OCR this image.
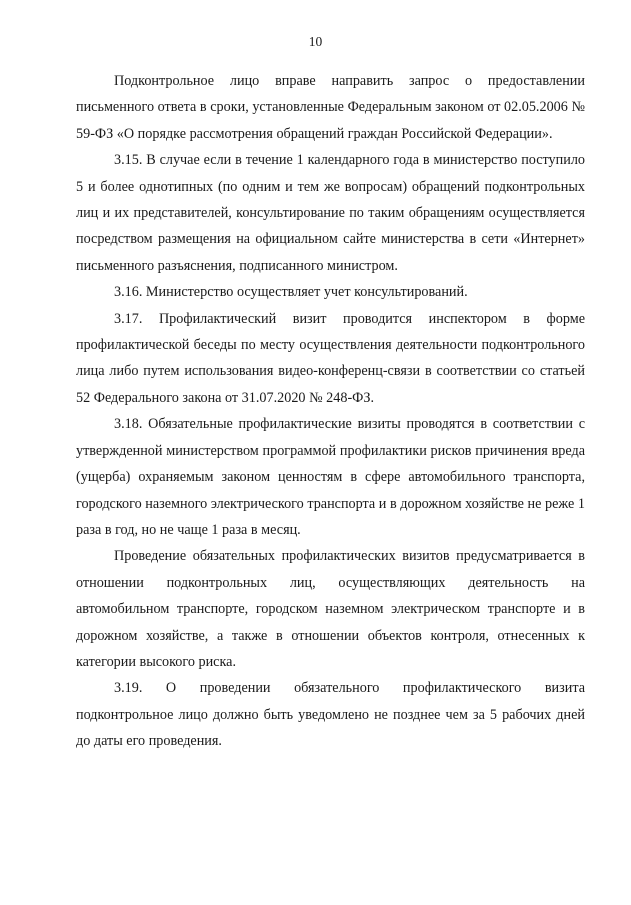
10

Подконтрольное лицо вправе направить запрос о предоставлении письменного ответа в сроки, установленные Федеральным законом от 02.05.2006 № 59-ФЗ «О порядке рассмотрения обращений граждан Российской Федерации».

3.15. В случае если в течение 1 календарного года в министерство поступило 5 и более однотипных (по одним и тем же вопросам) обращений подконтрольных лиц и их представителей, консультирование по таким обращениям осуществляется посредством размещения на официальном сайте министерства в сети «Интернет» письменного разъяснения, подписанного министром.

3.16. Министерство осуществляет учет консультирований.

3.17. Профилактический визит проводится инспектором в форме профилактической беседы по месту осуществления деятельности подконтрольного лица либо путем использования видео-конференц-связи в соответствии со статьей 52 Федерального закона от 31.07.2020 № 248-ФЗ.

3.18. Обязательные профилактические визиты проводятся в соответствии с утвержденной министерством программой профилактики рисков причинения вреда (ущерба) охраняемым законом ценностям в сфере автомобильного транспорта, городского наземного электрического транспорта и в дорожном хозяйстве не реже 1 раза в год, но не чаще 1 раза в месяц.

Проведение обязательных профилактических визитов предусматривается в отношении подконтрольных лиц, осуществляющих деятельность на автомобильном транспорте, городском наземном электрическом транспорте и в дорожном хозяйстве, а также в отношении объектов контроля, отнесенных к категории высокого риска.

3.19. О проведении обязательного профилактического визита подконтрольное лицо должно быть уведомлено не позднее чем за 5 рабочих дней до даты его проведения.
